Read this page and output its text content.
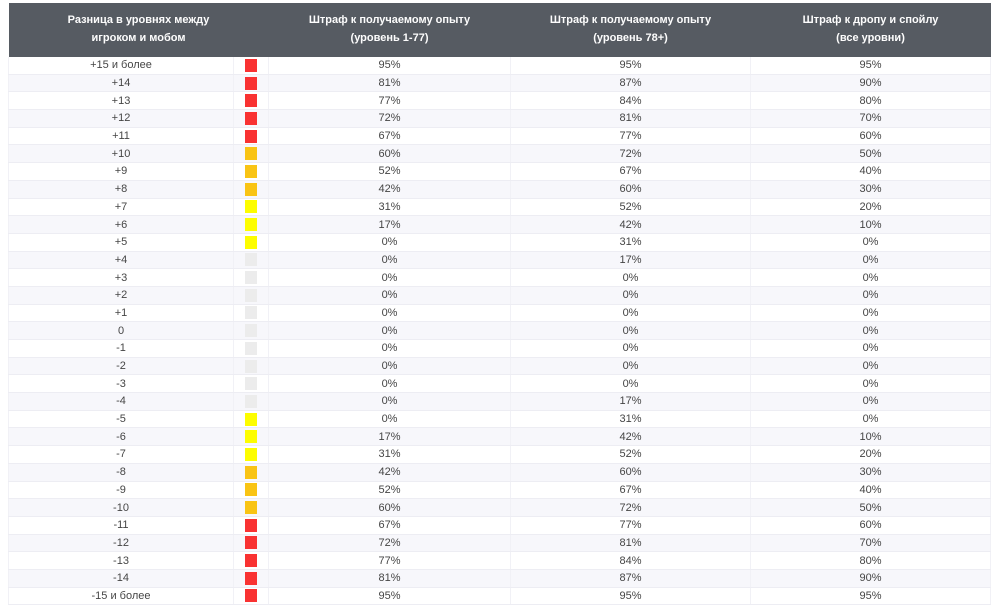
Разница в уровнях между
игроком и мобом		Штраф к получаемому опыту
(уровень 1-77)	Штраф к получаемому опыту
(уровень 78+)	Штраф к дропу и спойлу
(все уровни)
+15 и более		95%	95%	95%
+14		81%	87%	90%
+13		77%	84%	80%
+12		72%	81%	70%
+11		67%	77%	60%
+10		60%	72%	50%
+9		52%	67%	40%
+8		42%	60%	30%
+7		31%	52%	20%
+6		17%	42%	10%
+5		0%	31%	0%
+4		0%	17%	0%
+3		0%	0%	0%
+2		0%	0%	0%
+1		0%	0%	0%
0		0%	0%	0%
-1		0%	0%	0%
-2		0%	0%	0%
-3		0%	0%	0%
-4		0%	17%	0%
-5		0%	31%	0%
-6		17%	42%	10%
-7		31%	52%	20%
-8		42%	60%	30%
-9		52%	67%	40%
-10		60%	72%	50%
-11		67%	77%	60%
-12		72%	81%	70%
-13		77%	84%	80%
-14		81%	87%	90%
-15 и более		95%	95%	95%
